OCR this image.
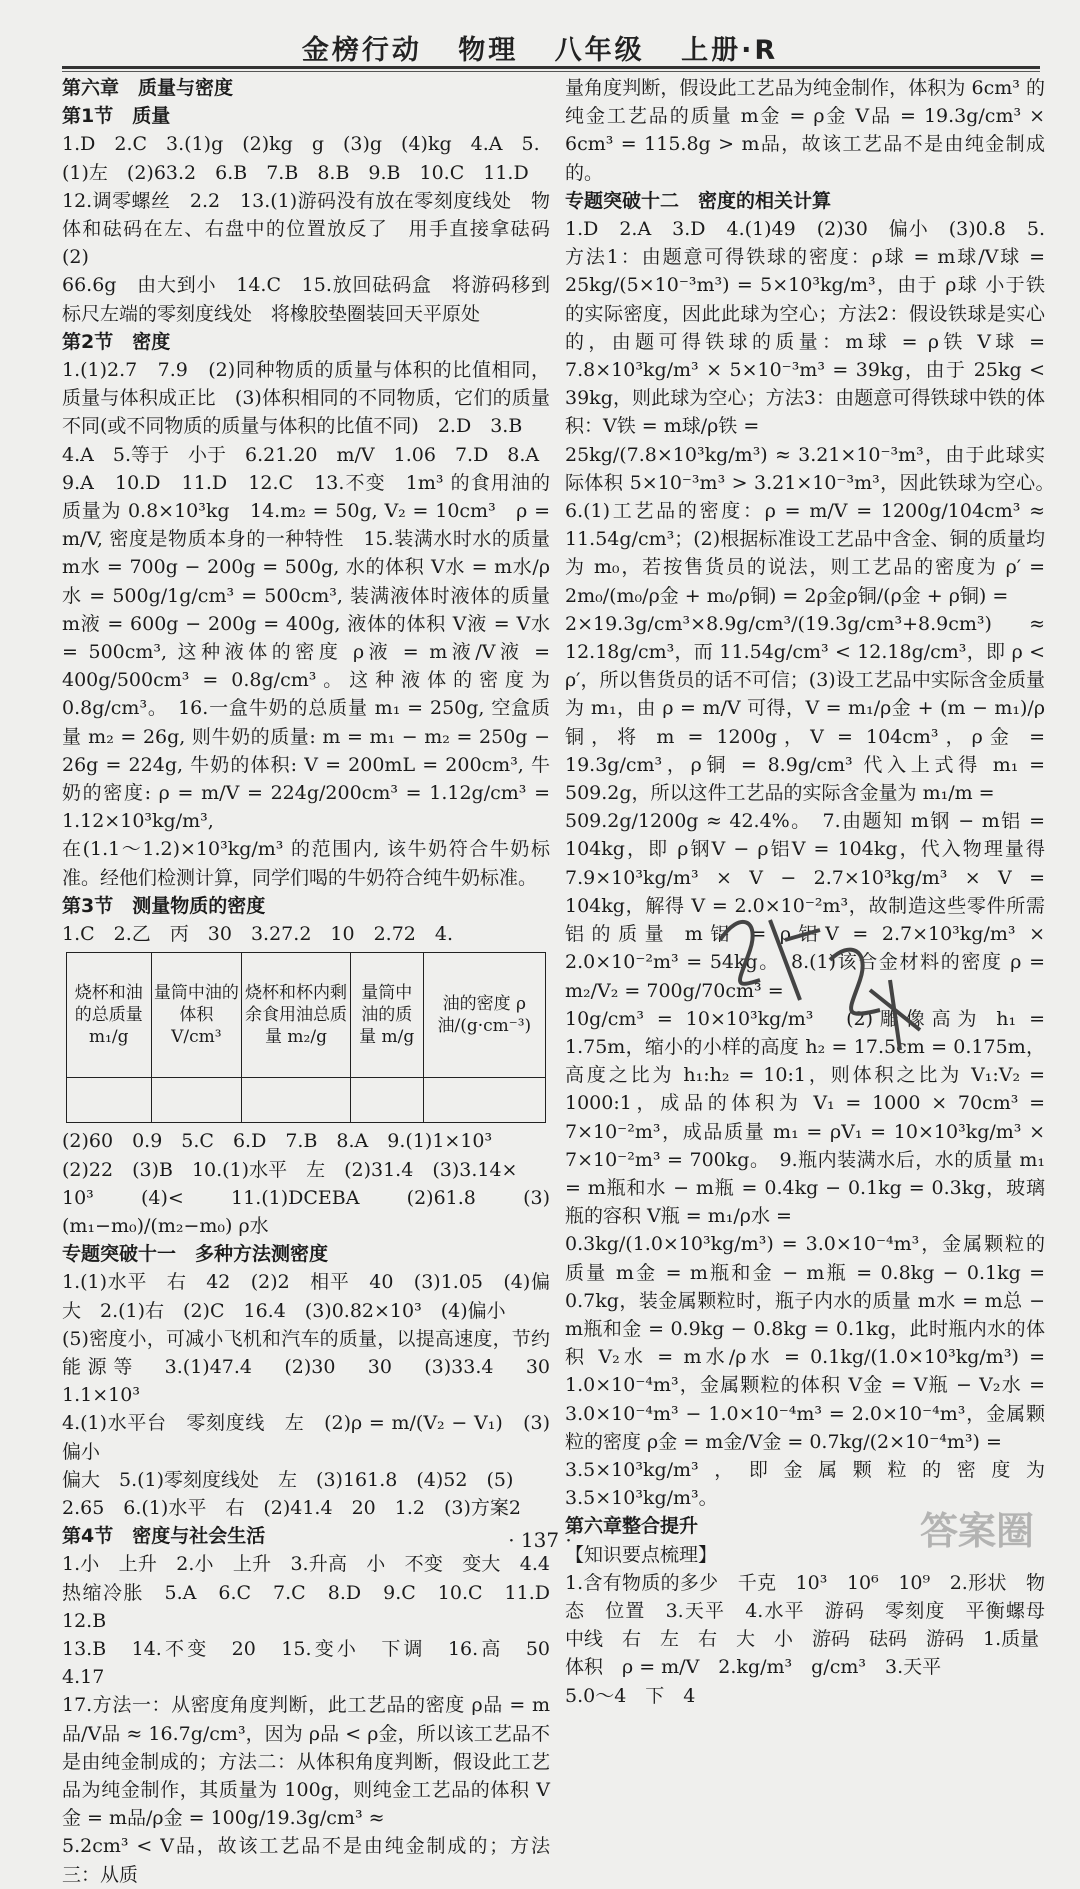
金榜行动 物理 八年级 上册·R

第六章　质量与密度

第1节　质量

1.D　2.C　3.(1)g　(2)kg　g　(3)g　(4)kg　4.A　5.

(1)左　(2)63.2　6.B　7.B　8.B　9.B　10.C　11.D

12.调零螺丝　2.2　13.(1)游码没有放在零刻度线处　物体和砝码在左、右盘中的位置放反了　用手直接拿砝码　(2)

66.6g　由大到小　14.C　15.放回砝码盒　将游码移到标尺左端的零刻度线处　将橡胶垫圈装回天平原处

第2节　密度

1.(1)2.7　7.9　(2)同种物质的质量与体积的比值相同，质量与体积成正比　(3)体积相同的不同物质，它们的质量不同(或不同物质的质量与体积的比值不同)　2.D　3.B

4.A　5.等于　小于　6.21.20　m/V　1.06　7.D　8.A

9.A　10.D　11.D　12.C　13.不变　1m³ 的食用油的质量为 0.8×10³kg　14.m₂ = 50g, V₂ = 10cm³　ρ = m/V, 密度是物质本身的一种特性　15.装满水时水的质量 m水 = 700g − 200g = 500g, 水的体积 V水 = m水/ρ水 = 500g/1g/cm³ = 500cm³, 装满液体时液体的质量 m液 = 600g − 200g = 400g, 液体的体积 V液 = V水 = 500cm³, 这种液体的密度 ρ液 = m液/V液 = 400g/500cm³ = 0.8g/cm³。这种液体的密度为 0.8g/cm³。　16.一盒牛奶的总质量 m₁ = 250g, 空盒质量 m₂ = 26g, 则牛奶的质量: m = m₁ − m₂ = 250g − 26g = 224g, 牛奶的体积: V = 200mL = 200cm³, 牛奶的密度: ρ = m/V = 224g/200cm³ = 1.12g/cm³ = 1.12×10³kg/m³,

在(1.1～1.2)×10³kg/m³ 的范围内, 该牛奶符合牛奶标准。经他们检测计算，同学们喝的牛奶符合纯牛奶标准。

第3节　测量物质的密度

1.C　2.乙　丙　30　3.27.2　10　2.72　4.

烧杯和油的总质量 m₁/g	量筒中油的体积 V/cm³	烧杯和杯内剩余食用油总质量 m₂/g	量筒中油的质量 m/g	油的密度 ρ油/(g·cm⁻³)

(2)60　0.9　5.C　6.D　7.B　8.A　9.(1)1×10³

(2)22　(3)B　10.(1)水平　左　(2)31.4　(3)3.14×

10³　(4)<　11.(1)DCEBA　(2)61.8　(3) (m₁−m₀)/(m₂−m₀) ρ水

专题突破十一　多种方法测密度

1.(1)水平　右　42　(2)2　相平　40　(3)1.05　(4)偏大　2.(1)右　(2)C　16.4　(3)0.82×10³　(4)偏小

(5)密度小，可减小飞机和汽车的质量，以提高速度，节约能源等　3.(1)47.4　(2)30　30　(3)33.4　30　1.1×10³

4.(1)水平台　零刻度线　左　(2)ρ = m/(V₂ − V₁)　(3)偏小

偏大　5.(1)零刻度线处　左　(3)161.8　(4)52　(5)

2.65　6.(1)水平　右　(2)41.4　20　1.2　(3)方案2

第4节　密度与社会生活

1.小　上升　2.小　上升　3.升高　小　不变　变大　4.4　热缩冷胀　5.A　6.C　7.C　8.D　9.C　10.C　11.D　12.B

13.B　14.不变　20　15.变小　下调　16.高　50　4.17

17.方法一：从密度角度判断，此工艺品的密度 ρ品 = m品/V品 ≈ 16.7g/cm³，因为 ρ品 < ρ金，所以该工艺品不是由纯金制成的；方法二：从体积角度判断，假设此工艺品为纯金制作，其质量为 100g，则纯金工艺品的体积 V金 = m品/ρ金 = 100g/19.3g/cm³ ≈

5.2cm³ < V品，故该工艺品不是由纯金制成的；方法三：从质

量角度判断，假设此工艺品为纯金制作，体积为 6cm³ 的纯金工艺品的质量 m金 = ρ金 V品 = 19.3g/cm³ × 6cm³ = 115.8g > m品，故该工艺品不是由纯金制成的。

专题突破十二　密度的相关计算

1.D　2.A　3.D　4.(1)49　(2)30　偏小　(3)0.8　5.方法1：由题意可得铁球的密度：ρ球 = m球/V球 = 25kg/(5×10⁻³m³) = 5×10³kg/m³，由于 ρ球 小于铁的实际密度，因此此球为空心；方法2：假设铁球是实心的，由题可得铁球的质量：m球 = ρ铁 V球 = 7.8×10³kg/m³ × 5×10⁻³m³ = 39kg，由于 25kg < 39kg，则此球为空心；方法3：由题意可得铁球中铁的体积：V铁 = m球/ρ铁 =

25kg/(7.8×10³kg/m³) ≈ 3.21×10⁻³m³，由于此球实际体积 5×10⁻³m³ > 3.21×10⁻³m³，因此铁球为空心。　6.(1)工艺品的密度：ρ = m/V = 1200g/104cm³ ≈ 11.54g/cm³；(2)根据标准设工艺品中含金、铜的质量均为 m₀，若按售货员的说法，则工艺品的密度为 ρ′ = 2m₀/(m₀/ρ金 + m₀/ρ铜) = 2ρ金ρ铜/(ρ金 + ρ铜) =

2×19.3g/cm³×8.9g/cm³/(19.3g/cm³+8.9cm³) ≈ 12.18g/cm³，而 11.54g/cm³ < 12.18g/cm³，即 ρ < ρ′，所以售货员的话不可信；(3)设工艺品中实际含金质量为 m₁，由 ρ = m/V 可得，V = m₁/ρ金 + (m − m₁)/ρ铜，将 m = 1200g，V = 104cm³，ρ金 = 19.3g/cm³，ρ铜 = 8.9g/cm³ 代入上式得 m₁ = 509.2g，所以这件工艺品的实际含金量为 m₁/m =

509.2g/1200g ≈ 42.4%。　7.由题知 m钢 − m铝 = 104kg，即 ρ钢V − ρ铝V = 104kg，代入物理量得 7.9×10³kg/m³ × V − 2.7×10³kg/m³ × V = 104kg，解得 V = 2.0×10⁻²m³，故制造这些零件所需铝的质量 m铝 = ρ铝V = 2.7×10³kg/m³ × 2.0×10⁻²m³ = 54kg。　8.(1)该合金材料的密度 ρ = m₂/V₂ = 700g/70cm³ =

10g/cm³ = 10×10³kg/m³　(2)雕像高为 h₁ = 1.75m，缩小的小样的高度 h₂ = 17.5cm = 0.175m，高度之比为 h₁:h₂ = 10:1，则体积之比为 V₁:V₂ = 1000:1，成品的体积为 V₁ = 1000 × 70cm³ = 7×10⁻²m³，成品质量 m₁ = ρV₁ = 10×10³kg/m³ × 7×10⁻²m³ = 700kg。　9.瓶内装满水后，水的质量 m₁ = m瓶和水 − m瓶 = 0.4kg − 0.1kg = 0.3kg，玻璃瓶的容积 V瓶 = m₁/ρ水 =

0.3kg/(1.0×10³kg/m³) = 3.0×10⁻⁴m³，金属颗粒的质量 m金 = m瓶和金 − m瓶 = 0.8kg − 0.1kg = 0.7kg，装金属颗粒时，瓶子内水的质量 m水 = m总 − m瓶和金 = 0.9kg − 0.8kg = 0.1kg，此时瓶内水的体积 V₂水 = m水/ρ水 = 0.1kg/(1.0×10³kg/m³) = 1.0×10⁻⁴m³，金属颗粒的体积 V金 = V瓶 − V₂水 = 3.0×10⁻⁴m³ − 1.0×10⁻⁴m³ = 2.0×10⁻⁴m³，金属颗粒的密度 ρ金 = m金/V金 = 0.7kg/(2×10⁻⁴m³) =

3.5×10³kg/m³，即金属颗粒的密度为 3.5×10³kg/m³。

第六章整合提升

【知识要点梳理】

1.含有物质的多少　千克　10³　10⁶　10⁹　2.形状　物态　位置　3.天平　4.水平　游码　零刻度　平衡螺母　中线　右　左　右　大　小　游码　砝码　游码　1.质量

体积　ρ = m/V　2.kg/m³　g/cm³　3.天平

5.0～4　下　4

· 137 ·	答案圈
